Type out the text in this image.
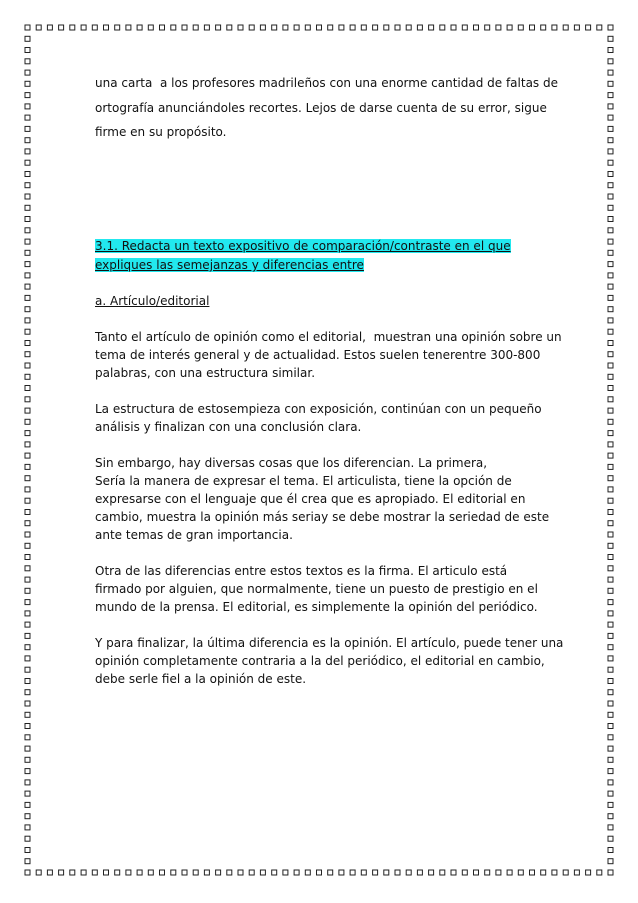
una carta  a los profesores madrileños con una enorme cantidad de faltas de
ortografía anunciándoles recortes. Lejos de darse cuenta de su error, sigue
firme en su propósito.
3.1. Redacta un texto expositivo de comparación/contraste en el que
expliques las semejanzas y diferencias entre
a. Artículo/editorial
Tanto el artículo de opinión como el editorial,  muestran una opinión sobre un
tema de interés general y de actualidad. Estos suelen tenerentre 300-800
palabras, con una estructura similar.
La estructura de estosempieza con exposición, continúan con un pequeño
análisis y finalizan con una conclusión clara.
Sin embargo, hay diversas cosas que los diferencian. La primera,
Sería la manera de expresar el tema. El articulista, tiene la opción de
expresarse con el lenguaje que él crea que es apropiado. El editorial en
cambio, muestra la opinión más seriay se debe mostrar la seriedad de este
ante temas de gran importancia.
Otra de las diferencias entre estos textos es la firma. El articulo está
firmado por alguien, que normalmente, tiene un puesto de prestigio en el
mundo de la prensa. El editorial, es simplemente la opinión del periódico.
Y para finalizar, la última diferencia es la opinión. El artículo, puede tener una
opinión completamente contraria a la del periódico, el editorial en cambio,
debe serle fiel a la opinión de este.
